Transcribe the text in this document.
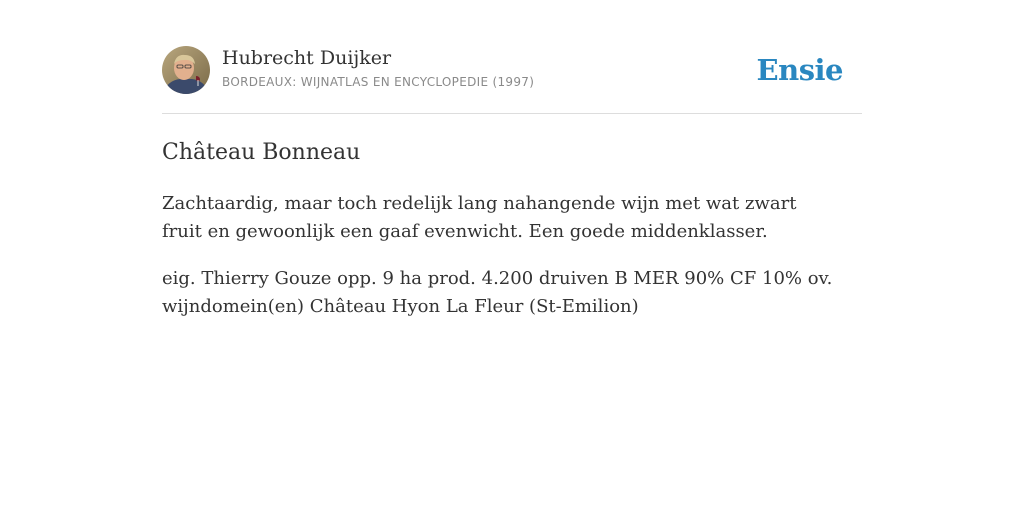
Hubrecht Duijker
BORDEAUX: WIJNATLAS EN ENCYCLOPEDIE (1997)	Ensie
Château Bonneau

Zachtaardig, maar toch redelijk lang nahangende wijn met wat zwart fruit en gewoonlijk een gaaf evenwicht. Een goede middenklasser.

eig. Thierry Gouze opp. 9 ha prod. 4.200 druiven B MER 90% CF 10% ov. wijndomein(en) Château Hyon La Fleur (St-Emilion)
